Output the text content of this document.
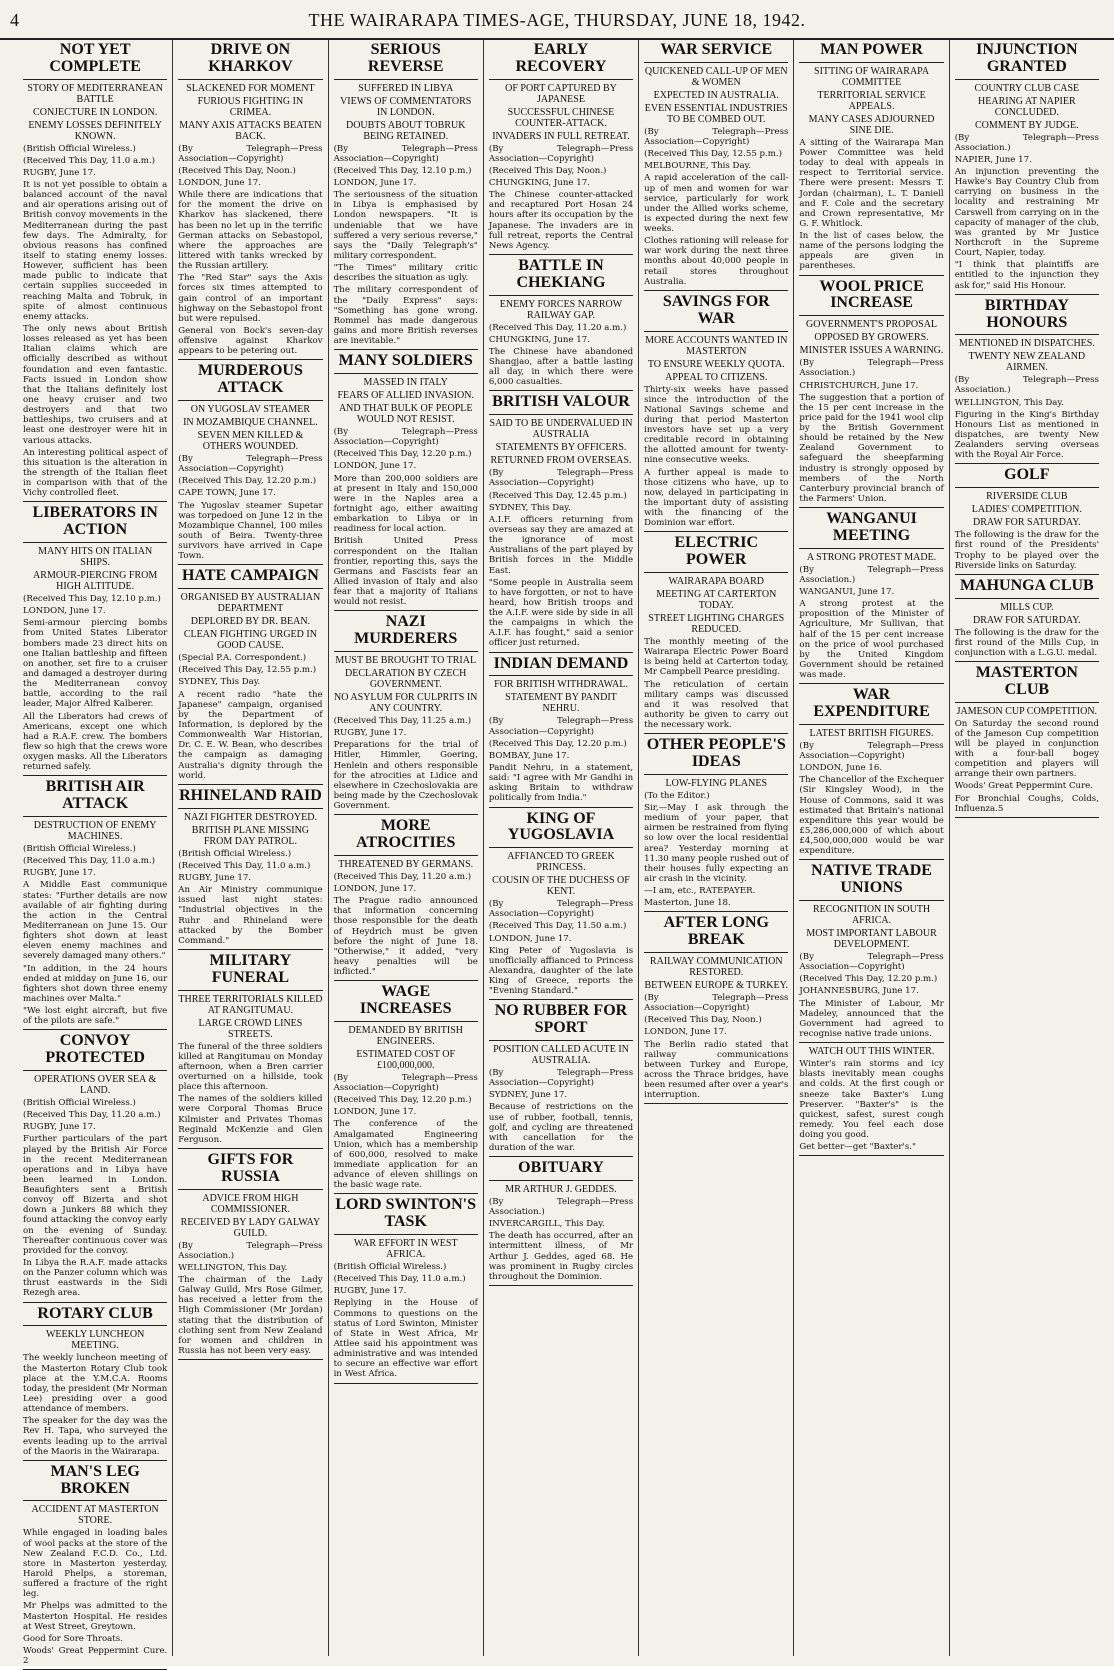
4	THE WAIRARAPA TIMES-AGE, THURSDAY, JUNE 18, 1942.
NOT YET COMPLETE
STORY OF MEDITERRANEAN BATTLE
CONJECTURE IN LONDON.
ENEMY LOSSES DEFINITELY KNOWN.
(British Official Wireless.)
(Received This Day, 11.0 a.m.)
RUGBY, June 17.
It is not yet possible to obtain a balanced account of the naval and air operations arising out of British convoy movements in the Mediterranean during the past few days. The Admiralty, for obvious reasons has confined itself to stating enemy losses. However, sufficient has been made public to indicate that certain supplies succeeded in reaching Malta and Tobruk, in spite of almost continuous enemy attacks.
The only news about British losses released as yet has been Italian claims which are officially described as without foundation and even fantastic. Facts issued in London show that the Italians definitely lost one heavy cruiser and two destroyers and that two battleships, two cruisers and at least one destroyer were hit in various attacks.
An interesting political aspect of this situation is the alteration in the strength of the Italian fleet in comparison with that of the Vichy controlled fleet.
LIBERATORS IN ACTION
MANY HITS ON ITALIAN SHIPS.
ARMOUR-PIERCING FROM HIGH ALTITUDE.
(Received This Day, 12.10 p.m.)
LONDON, June 17.
Semi-armour piercing bombs from United States Liberator bombers made 23 direct hits on one Italian battleship and fifteen on another, set fire to a cruiser and damaged a destroyer during the Mediterranean convoy battle, according to the rail leader, Major Alfred Kalberer.
All the Liberators had crews of Americans, except one which had a R.A.F. crew. The bombers flew so high that the crews wore oxygen masks. All the Liberators returned safely.
BRITISH AIR ATTACK
DESTRUCTION OF ENEMY MACHINES.
(British Official Wireless.)
(Received This Day, 11.0 a.m.)
RUGBY, June 17.
A Middle East communique states: "Further details are now available of air fighting during the action in the Central Mediterranean on June 15. Our fighters shot down at least eleven enemy machines and severely damaged many others."
"In addition, in the 24 hours ended at midday on June 16, our fighters shot down three enemy machines over Malta."
"We lost eight aircraft, but five of the pilots are safe."
CONVOY PROTECTED
OPERATIONS OVER SEA & LAND.
(British Official Wireless.)
(Received This Day, 11.20 a.m.)
RUGBY, June 17.
Further particulars of the part played by the British Air Force in the recent Mediterranean operations and in Libya have been learned in London. Beaufighters sent a British convoy off Bizerta and shot down a Junkers 88 which they found attacking the convoy early on the evening of Sunday. Thereafter continuous cover was provided for the convoy.
In Libya the R.A.F. made attacks on the Panzer column which was thrust eastwards in the Sidi Rezegh area.
ROTARY CLUB
WEEKLY LUNCHEON MEETING.
The weekly luncheon meeting of the Masterton Rotary Club took place at the Y.M.C.A. Rooms today, the president (Mr Norman Lee) presiding over a good attendance of members.
The speaker for the day was the Rev H. Tapa, who surveyed the events leading up to the arrival of the Maoris in the Wairarapa.
MAN'S LEG BROKEN
ACCIDENT AT MASTERTON STORE.
While engaged in loading bales of wool packs at the store of the New Zealand F.C.D. Co., Ltd. store in Masterton yesterday, Harold Phelps, a storeman, suffered a fracture of the right leg.
Mr Phelps was admitted to the Masterton Hospital. He resides at West Street, Greytown.
Good for Sore Throats.
Woods' Great Peppermint Cure. 2
DRIVE ON KHARKOV
SLACKENED FOR MOMENT
FURIOUS FIGHTING IN CRIMEA.
MANY AXIS ATTACKS BEATEN BACK.
(By Telegraph—Press Association—Copyright)
(Received This Day, Noon.)
LONDON, June 17.
While there are indications that for the moment the drive on Kharkov has slackened, there has been no let up in the terrific German attacks on Sebastopol, where the approaches are littered with tanks wrecked by the Russian artillery.
The "Red Star" says the Axis forces six times attempted to gain control of an important highway on the Sebastopol front but were repulsed.
General von Bock's seven-day offensive against Kharkov appears to be petering out.
MURDEROUS ATTACK
ON YUGOSLAV STEAMER
IN MOZAMBIQUE CHANNEL.
SEVEN MEN KILLED & OTHERS WOUNDED.
(By Telegraph—Press Association—Copyright)
(Received This Day, 12.20 p.m.)
CAPE TOWN, June 17.
The Yugoslav steamer Supetar was torpedoed on June 12 in the Mozambique Channel, 100 miles south of Beira. Twenty-three survivors have arrived in Cape Town.
HATE CAMPAIGN
ORGANISED BY AUSTRALIAN DEPARTMENT
DEPLORED BY DR. BEAN.
CLEAN FIGHTING URGED IN GOOD CAUSE.
(Special P.A. Correspondent.)
(Received This Day, 12.55 p.m.)
SYDNEY, This Day.
A recent radio "hate the Japanese" campaign, organised by the Department of Information, is deplored by the Commonwealth War Historian, Dr. C. E. W. Bean, who describes the campaign as damaging Australia's dignity through the world.
RHINELAND RAID
NAZI FIGHTER DESTROYED.
BRITISH PLANE MISSING FROM DAY PATROL.
(British Official Wireless.)
(Received This Day, 11.0 a.m.)
RUGBY, June 17.
An Air Ministry communique issued last night states: "Industrial objectives in the Ruhr and Rhineland were attacked by the Bomber Command."
MILITARY FUNERAL
THREE TERRITORIALS KILLED AT RANGITUMAU.
LARGE CROWD LINES STREETS.
The funeral of the three soldiers killed at Rangitumau on Monday afternoon, when a Bren carrier overturned on a hillside, took place this afternoon.
The names of the soldiers killed were Corporal Thomas Bruce Kilmister and Privates Thomas Reginald McKenzie and Glen Ferguson.
GIFTS FOR RUSSIA
ADVICE FROM HIGH COMMISSIONER.
RECEIVED BY LADY GALWAY GUILD.
(By Telegraph—Press Association.)
WELLINGTON, This Day.
The chairman of the Lady Galway Guild, Mrs Rose Gilmer, has received a letter from the High Commissioner (Mr Jordan) stating that the distribution of clothing sent from New Zealand for women and children in Russia has not been very easy.
SERIOUS REVERSE
SUFFERED IN LIBYA
VIEWS OF COMMENTATORS IN LONDON.
DOUBTS ABOUT TOBRUK BEING RETAINED.
(By Telegraph—Press Association—Copyright)
(Received This Day, 12.10 p.m.)
LONDON, June 17.
The seriousness of the situation in Libya is emphasised by London newspapers. "It is undeniable that we have suffered a very serious reverse," says the "Daily Telegraph's" military correspondent.
"The Times" military critic describes the situation as ugly.
The military correspondent of the "Daily Express" says: "Something has gone wrong. Rommel has made dangerous gains and more British reverses are inevitable."
MANY SOLDIERS
MASSED IN ITALY
FEARS OF ALLIED INVASION.
AND THAT BULK OF PEOPLE WOULD NOT RESIST.
(By Telegraph—Press Association—Copyright)
(Received This Day, 12.20 p.m.)
LONDON, June 17.
More than 200,000 soldiers are at present in Italy and 150,000 were in the Naples area a fortnight ago, either awaiting embarkation to Libya or in readiness for local action.
British United Press correspondent on the Italian frontier, reporting this, says the Germans and Fascists fear an Allied invasion of Italy and also fear that a majority of Italians would not resist.
NAZI MURDERERS
MUST BE BROUGHT TO TRIAL
DECLARATION BY CZECH GOVERNMENT.
NO ASYLUM FOR CULPRITS IN ANY COUNTRY.
(Received This Day, 11.25 a.m.)
RUGBY, June 17.
Preparations for the trial of Hitler, Himmler, Goering, Henlein and others responsible for the atrocities at Lidice and elsewhere in Czechoslovakia are being made by the Czechoslovak Government.
MORE ATROCITIES
THREATENED BY GERMANS.
(Received This Day, 11.20 a.m.)
LONDON, June 17.
The Prague radio announced that information concerning those responsible for the death of Heydrich must be given before the night of June 18. "Otherwise," it added, "very heavy penalties will be inflicted."
WAGE INCREASES
DEMANDED BY BRITISH ENGINEERS.
ESTIMATED COST OF £100,000,000.
(By Telegraph—Press Association—Copyright)
(Received This Day, 12.20 p.m.)
LONDON, June 17.
The conference of the Amalgamated Engineering Union, which has a membership of 600,000, resolved to make immediate application for an advance of eleven shillings on the basic wage rate.
LORD SWINTON'S TASK
WAR EFFORT IN WEST AFRICA.
(British Official Wireless.)
(Received This Day, 11.0 a.m.)
RUGBY, June 17.
Replying in the House of Commons to questions on the status of Lord Swinton, Minister of State in West Africa, Mr Attlee said his appointment was administrative and was intended to secure an effective war effort in West Africa.
EARLY RECOVERY
OF PORT CAPTURED BY JAPANESE
SUCCESSFUL CHINESE COUNTER-ATTACK.
INVADERS IN FULL RETREAT.
(By Telegraph—Press Association—Copyright)
(Received This Day, Noon.)
CHUNGKING, June 17.
The Chinese counter-attacked and recaptured Port Hosan 24 hours after its occupation by the Japanese. The invaders are in full retreat, reports the Central News Agency.
BATTLE IN CHEKIANG
ENEMY FORCES NARROW RAILWAY GAP.
(Received This Day, 11.20 a.m.)
CHUNGKING, June 17.
The Chinese have abandoned Shangjao, after a battle lasting all day, in which there were 6,000 casualties.
BRITISH VALOUR
SAID TO BE UNDERVALUED IN AUSTRALIA
STATEMENTS BY OFFICERS.
RETURNED FROM OVERSEAS.
(By Telegraph—Press Association—Copyright)
(Received This Day, 12.45 p.m.)
SYDNEY, This Day.
A.I.F. officers returning from overseas say they are amazed at the ignorance of most Australians of the part played by British forces in the Middle East.
"Some people in Australia seem to have forgotten, or not to have heard, how British troops and the A.I.F. were side by side in all the campaigns in which the A.I.F. has fought," said a senior officer just returned.
INDIAN DEMAND
FOR BRITISH WITHDRAWAL.
STATEMENT BY PANDIT NEHRU.
(By Telegraph—Press Association—Copyright)
(Received This Day, 12.20 p.m.)
BOMBAY, June 17.
Pandit Nehru, in a statement, said: "I agree with Mr Gandhi in asking Britain to withdraw politically from India."
KING OF YUGOSLAVIA
AFFIANCED TO GREEK PRINCESS.
COUSIN OF THE DUCHESS OF KENT.
(By Telegraph—Press Association—Copyright)
(Received This Day, 11.50 a.m.)
LONDON, June 17.
King Peter of Yugoslavia is unofficially affianced to Princess Alexandra, daughter of the late King of Greece, reports the "Evening Standard."
NO RUBBER FOR SPORT
POSITION CALLED ACUTE IN AUSTRALIA.
(By Telegraph—Press Association—Copyright)
SYDNEY, June 17.
Because of restrictions on the use of rubber, football, tennis, golf, and cycling are threatened with cancellation for the duration of the war.
OBITUARY
MR ARTHUR J. GEDDES.
(By Telegraph—Press Association.)
INVERCARGILL, This Day.
The death has occurred, after an intermittent illness, of Mr Arthur J. Geddes, aged 68. He was prominent in Rugby circles throughout the Dominion.
WAR SERVICE
QUICKENED CALL-UP OF MEN & WOMEN
EXPECTED IN AUSTRALIA.
EVEN ESSENTIAL INDUSTRIES TO BE COMBED OUT.
(By Telegraph—Press Association—Copyright)
(Received This Day, 12.55 p.m.)
MELBOURNE, This Day.
A rapid acceleration of the call-up of men and women for war service, particularly for work under the Allied works scheme, is expected during the next few weeks.
Clothes rationing will release for war work during the next three months about 40,000 people in retail stores throughout Australia.
SAVINGS FOR WAR
MORE ACCOUNTS WANTED IN MASTERTON
TO ENSURE WEEKLY QUOTA.
APPEAL TO CITIZENS.
Thirty-six weeks have passed since the introduction of the National Savings scheme and during that period Masterton investors have set up a very creditable record in obtaining the allotted amount for twenty-nine consecutive weeks.
A further appeal is made to those citizens who have, up to now, delayed in participating in the important duty of assisting with the financing of the Dominion war effort.
ELECTRIC POWER
WAIRARAPA BOARD
MEETING AT CARTERTON TODAY.
STREET LIGHTING CHARGES REDUCED.
The monthly meeting of the Wairarapa Electric Power Board is being held at Carterton today, Mr Campbell Pearce presiding.
The reticulation of certain military camps was discussed and it was resolved that authority be given to carry out the necessary work.
OTHER PEOPLE'S IDEAS
LOW-FLYING PLANES
(To the Editor.)
Sir,—May I ask through the medium of your paper, that airmen be restrained from flying so low over the local residential area? Yesterday morning at 11.30 many people rushed out of their houses fully expecting an air crash in the vicinity.
—I am, etc., RATEPAYER.
Masterton, June 18.
AFTER LONG BREAK
RAILWAY COMMUNICATION RESTORED.
BETWEEN EUROPE & TURKEY.
(By Telegraph—Press Association—Copyright)
(Received This Day, Noon.)
LONDON, June 17.
The Berlin radio stated that railway communications between Turkey and Europe, across the Thrace bridges, have been resumed after over a year's interruption.
MAN POWER
SITTING OF WAIRARAPA COMMITTEE
TERRITORIAL SERVICE APPEALS.
MANY CASES ADJOURNED SINE DIE.
A sitting of the Wairarapa Man Power Committee was held today to deal with appeals in respect to Territorial service. There were present: Messrs T. Jordan (chairman), L. T. Daniell and F. Cole and the secretary and Crown representative, Mr G. F. Whitlock.
In the list of cases below, the name of the persons lodging the appeals are given in parentheses.
WOOL PRICE INCREASE
GOVERNMENT'S PROPOSAL
OPPOSED BY GROWERS.
MINISTER ISSUES A WARNING.
(By Telegraph—Press Association.)
CHRISTCHURCH, June 17.
The suggestion that a portion of the 15 per cent increase in the price paid for the 1941 wool clip by the British Government should be retained by the New Zealand Government to safeguard the sheepfarming industry is strongly opposed by members of the North Canterbury provincial branch of the Farmers' Union.
WANGANUI MEETING
A STRONG PROTEST MADE.
(By Telegraph—Press Association.)
WANGANUI, June 17.
A strong protest at the proposition of the Minister of Agriculture, Mr Sullivan, that half of the 15 per cent increase on the price of wool purchased by the United Kingdom Government should be retained was made.
WAR EXPENDITURE
LATEST BRITISH FIGURES.
(By Telegraph—Press Association—Copyright)
LONDON, June 16.
The Chancellor of the Exchequer (Sir Kingsley Wood), in the House of Commons, said it was estimated that Britain's national expenditure this year would be £5,286,000,000 of which about £4,500,000,000 would be war expenditure.
NATIVE TRADE UNIONS
RECOGNITION IN SOUTH AFRICA.
MOST IMPORTANT LABOUR DEVELOPMENT.
(By Telegraph—Press Association—Copyright)
(Received This Day, 12.20 p.m.)
JOHANNESBURG, June 17.
The Minister of Labour, Mr Madeley, announced that the Government had agreed to recognise native trade unions.
WATCH OUT THIS WINTER.
Winter's rain storms and icy blasts inevitably mean coughs and colds. At the first cough or sneeze take Baxter's Lung Preserver. "Baxter's" is the quickest, safest, surest cough remedy. You feel each dose doing you good.
Get better—get "Baxter's."
INJUNCTION GRANTED
COUNTRY CLUB CASE
HEARING AT NAPIER CONCLUDED.
COMMENT BY JUDGE.
(By Telegraph—Press Association.)
NAPIER, June 17.
An injunction preventing the Hawke's Bay Country Club from carrying on business in the locality and restraining Mr Carswell from carrying on in the capacity of manager of the club, was granted by Mr Justice Northcroft in the Supreme Court, Napier, today.
"I think that plaintiffs are entitled to the injunction they ask for," said His Honour.
BIRTHDAY HONOURS
MENTIONED IN DISPATCHES.
TWENTY NEW ZEALAND AIRMEN.
(By Telegraph—Press Association.)
WELLINGTON, This Day.
Figuring in the King's Birthday Honours List as mentioned in dispatches, are twenty New Zealanders serving overseas with the Royal Air Force.
GOLF
RIVERSIDE CLUB
LADIES' COMPETITION.
DRAW FOR SATURDAY.
The following is the draw for the first round of the Presidents' Trophy to be played over the Riverside links on Saturday.
MAHUNGA CLUB
MILLS CUP.
DRAW FOR SATURDAY.
The following is the draw for the first round of the Mills Cup, in conjunction with a L.G.U. medal.
MASTERTON CLUB
JAMESON CUP COMPETITION.
On Saturday the second round of the Jameson Cup competition will be played in conjunction with a four-ball bogey competition and players will arrange their own partners.
Woods' Great Peppermint Cure.
For Bronchial Coughs, Colds, Influenza.5
